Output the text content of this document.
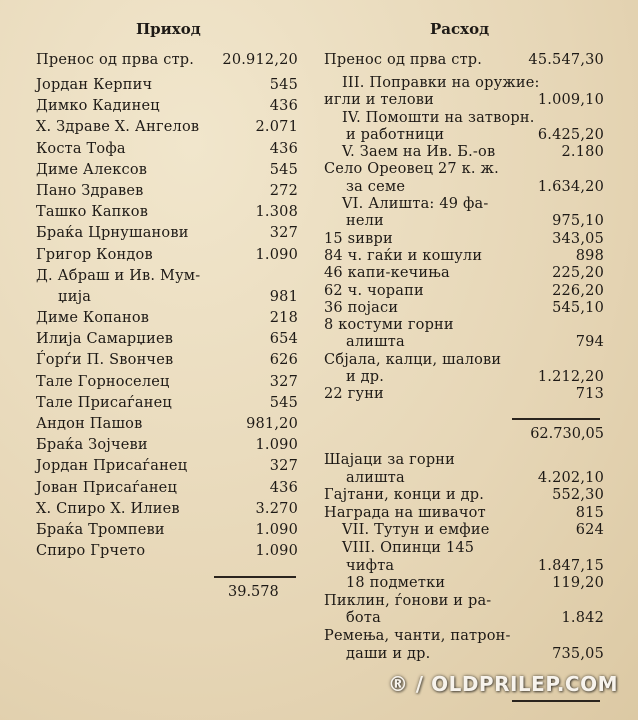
Приход	Расход
Пренос од прва стр. 20.912,20
Јордан Керпич	545
Димко Кадинец	436
Х. Здраве Х. Ангелов	2.071
Коста Тофа	436
Диме Алексов	545
Пано Здравев	272
Ташко Капков	1.308
Браќа Црнушанови	327
Григор Кондов	1.090
Д. Абраш и Ив. Мум-
џија	981
Диме Копанов	218
Илија Самарџиев	654
Ѓорѓи П. Ѕвончев	626
Тале Горноселец	327
Тале Присаѓанец	545
Андон Пашов	981,20
Браќа Зојчеви	1.090
Јордан Присаѓанец	327
Јован Присаѓанец	436
Х. Спиро Х. Илиев	3.270
Браќа Тромпеви	1.090
Спиро Грчето	1.090
39.578
Пренос од прва стр.	45.547,30
III. Поправки на оружие:
игли и телови	1.009,10
IV. Помошти на затворн.
и работници	6.425,20
V. Заем на Ив. Б.-ов	2.180
Село Ореовец 27 к. ж.
за семе	1.634,20
VI. Алишта: 49 фа-
нели	975,10
15 ѕиври	343,05
84 ч. гаќи и кошули	898
46 капи-кечиња	225,20
62 ч. чорапи	226,20
36 појаси	545,10
8 костуми горни
алишта	794
Сбјала, калци, шалови
и др.	1.212,20
22 гуни	713
62.730,05
Шајаци за горни
алишта	4.202,10
Гајтани, конци и др.	552,30
Награда на шивачот	815
VII. Тутун и емфие	624
VIII. Опинци 145
чифта	1.847,15
18 подметки	119,20
Пиклин, ѓонови и ра-
бота	1.842
Ремења, чанти, патрон-
даши и др.	735,05
® / OLDPRILEP.COM
